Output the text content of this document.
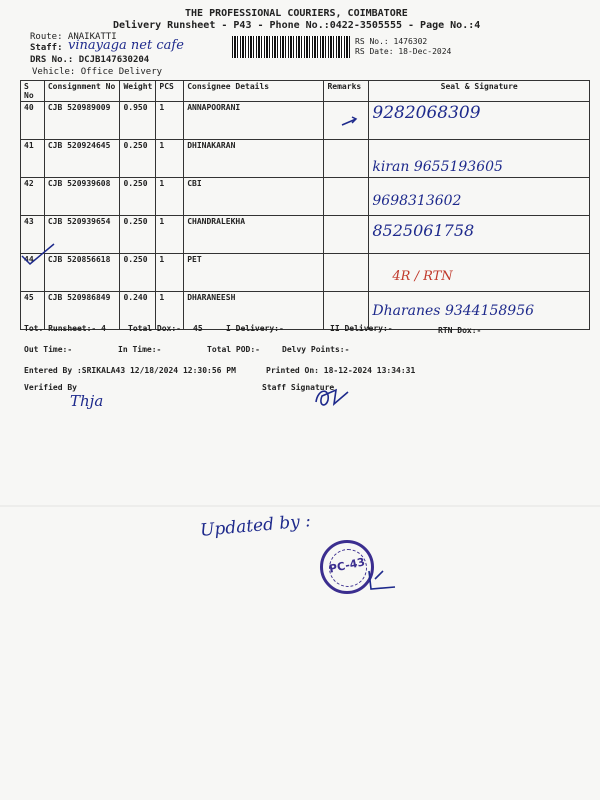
THE PROFESSIONAL COURIERS, COIMBATORE
Delivery Runsheet - P43 - Phone No.:0422-3505555 - Page No.:4
Route: ANAIKATTI
Staff: vinayaga net cafe
DRS No.: DCJB147630204
Vehicle: Office Delivery
RS No.: 1476302
RS Date: 18-Dec-2024
S No	Consignment No	Weight	PCS	Consignee Details	Remarks	Seal & Signature
40	CJB 520989009	0.950	1	ANNAPOORANI		9282068309
41	CJB 520924645	0.250	1	DHINAKARAN		kiran 9655193605
42	CJB 520939608	0.250	1	CBI		9698313602
43	CJB 520939654	0.250	1	CHANDRALEKHA		8525061758
44	CJB 520856618	0.250	1	PET		4R / RTN
45	CJB 520986849	0.240	1	DHARANEESH		Dharanes 9344158956
Tot. Runsheet:- 4	Total Dox:- 45	I Delivery:-	II Delivery:-	RTN Dox:-
Out Time:-	In Time:-	Total POD:-	Delvy Points:-
Entered By :SRIKALA43 12/18/2024 12:30:56 PM	Printed On: 18-12-2024 13:34:31
Verified By	Staff Signature
Thja
Updated by :
PC-43
